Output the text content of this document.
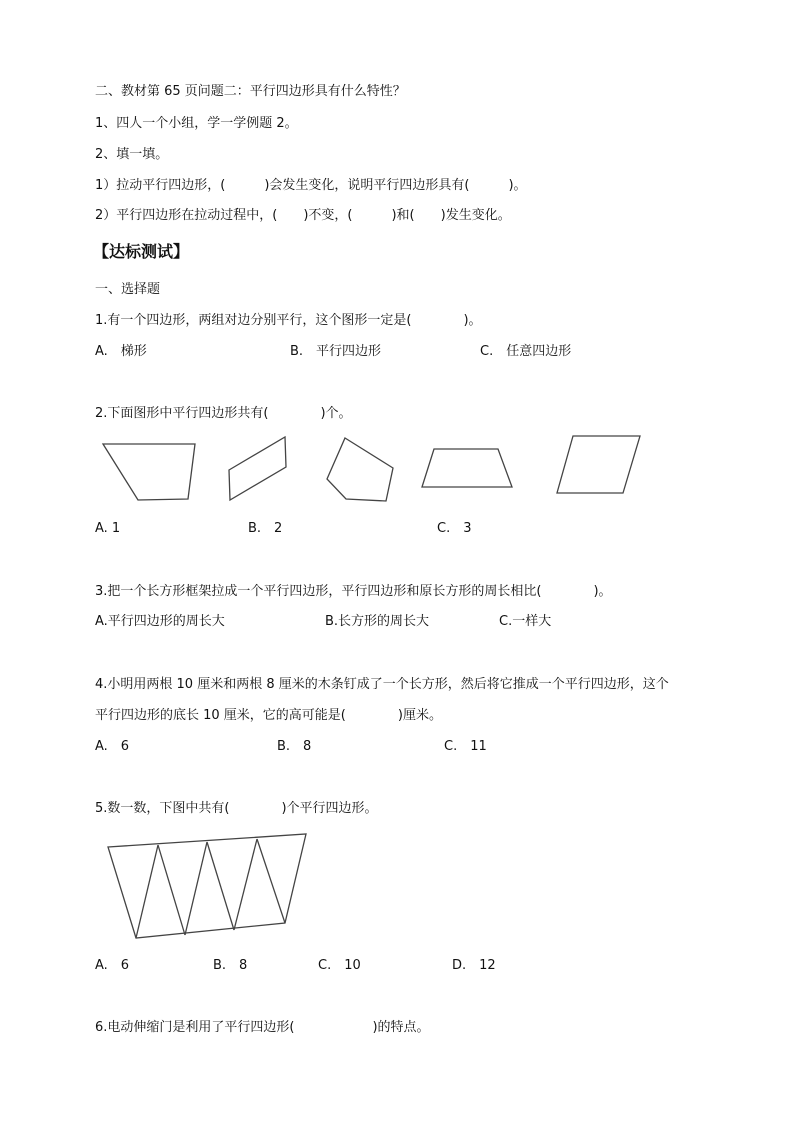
二、教材第 65 页问题二：平行四边形具有什么特性？
1、四人一个小组，学一学例题 2。
2、填一填。
1）拉动平行四边形，(　　　)会发生变化，说明平行四边形具有(　　　)。
2）平行四边形在拉动过程中，(　　)不变，(　　　)和(　　)发生变化。
【达标测试】
一、选择题
1.有一个四边形，两组对边分别平行，这个图形一定是(　　　　)。
A.　梯形	B.　平行四边形	C.　任意四边形
2.下面图形中平行四边形共有(　　　　)个。
A. 1	B.　2	C.　3
3.把一个长方形框架拉成一个平行四边形，平行四边形和原长方形的周长相比(　　　　)。
A.平行四边形的周长大	B.长方形的周长大	C.一样大
4.小明用两根 10 厘米和两根 8 厘米的木条钉成了一个长方形，然后将它推成一个平行四边形，这个
平行四边形的底长 10 厘米，它的高可能是(　　　　)厘米。
A.　6	B.　8	C.　11
5.数一数，下图中共有(　　　　)个平行四边形。
A.　6	B.　8	C.　10	D.　12
6.电动伸缩门是利用了平行四边形(　　　　　　)的特点。
